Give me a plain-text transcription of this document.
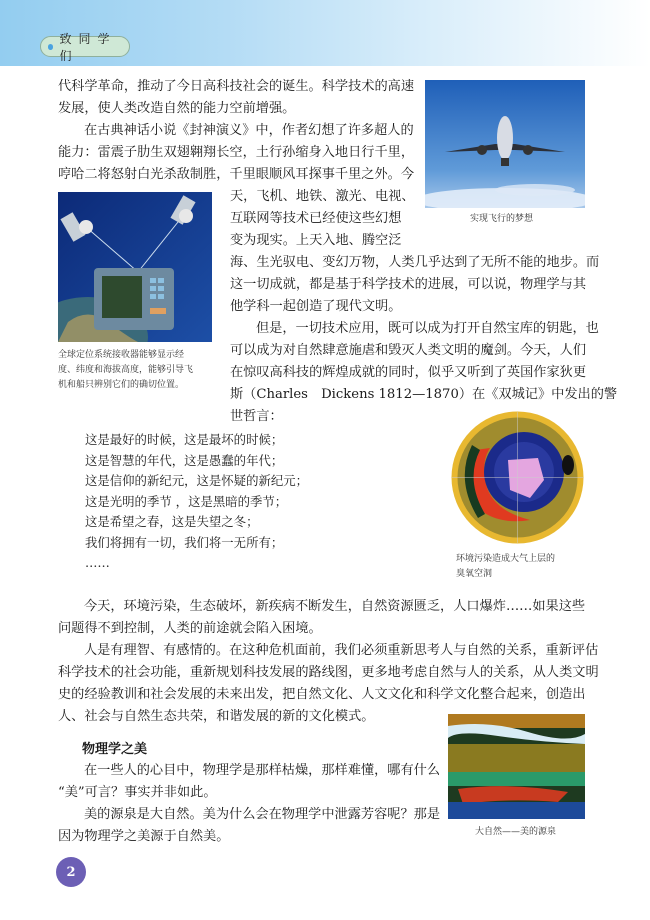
致同学们

代科学革命，推动了今日高科技社会的诞生。科学技术的高速

发展，使人类改造自然的能力空前增强。

在古典神话小说《封神演义》中，作者幻想了许多超人的

能力：雷震子肋生双翅翱翔长空，土行孙缩身入地日行千里，

哼哈二将怒射白光杀敌制胜，千里眼顺风耳探事千里之外。今

天，飞机、地铁、激光、电视、

互联网等技术已经使这些幻想

变为现实。上天入地、腾空泛

海、生光驭电、变幻万物，人类几乎达到了无所不能的地步。而

这一切成就，都是基于科学技术的进展，可以说，物理学与其

他学科一起创造了现代文明。

但是，一切技术应用，既可以成为打开自然宝库的钥匙，也

可以成为对自然肆意施虐和毁灭人类文明的魔剑。今天，人们

在惊叹高科技的辉煌成就的同时，似乎又听到了英国作家狄更

斯（Charles　Dickens 1812—1870）在《双城记》中发出的警

世哲言：

这是最好的时候，这是最坏的时候；
这是智慧的年代，这是愚蠢的年代；
这是信仰的新纪元，这是怀疑的新纪元；
这是光明的季节 ，这是黑暗的季节；
这是希望之春，这是失望之冬；
我们将拥有一切，我们将一无所有；
……

今天，环境污染，生态破坏，新疾病不断发生，自然资源匮乏，人口爆炸……如果这些

问题得不到控制，人类的前途就会陷入困境。

人是有理智、有感情的。在这种危机面前，我们必须重新思考人与自然的关系，重新评估

科学技术的社会功能，重新规划科技发展的路线图，更多地考虑自然与人的关系，从人类文明

史的经验教训和社会发展的未来出发，把自然文化、人文文化和科学文化整合起来，创造出

人、社会与自然生态共荣，和谐发展的新的文化模式。

物理学之美

在一些人的心目中，物理学是那样枯燥，那样难懂，哪有什么

“美”可言？事实并非如此。

美的源泉是大自然。美为什么会在物理学中泄露芳容呢？那是

因为物理学之美源于自然美。

实现飞行的梦想
全球定位系统接收器能够显示经
度、纬度和海拔高度，能够引导飞
机和船只辨别它们的确切位置。
环境污染造成大气上层的
臭氧空洞
大自然——美的源泉
2
